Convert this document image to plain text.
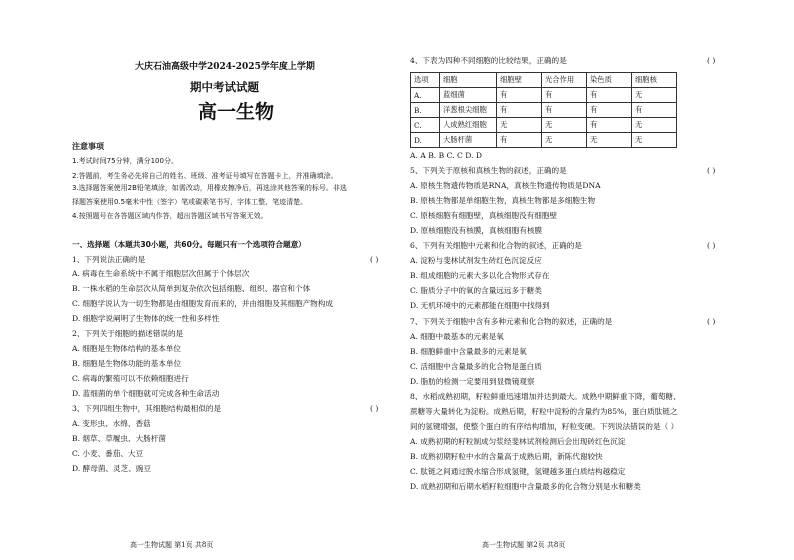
大庆石油高级中学2024-2025学年度上学期
期中考试试题
高一生物
注意事项
1.考试时间75分钟，满分100分。
2.答题前，考生务必先将自己的姓名、班级、准考证号填写在答题卡上，并准确填涂。
3.选择题答案使用2B铅笔填涂，如需改动，用橡皮擦净后，再选涂其他答案的标号。非选
择题答案使用0.5毫米中性（签字）笔或碳素笔书写，字体工整，笔迹清楚。
4.按照题号在各答题区域内作答，超出答题区域书写答案无效。
一、选择题（本题共30小题，共60分。每题只有一个选项符合题意）
1、下列说法正确的是	( )
A. 病毒在生命系统中不属于细胞层次但属于个体层次
B. 一株水稻的生命层次从简单到复杂依次包括细胞、组织、器官和个体
C. 细胞学说认为一切生物都是由细胞发育而来的，并由细胞及其细胞产物构成
D. 细胞学说阐明了生物体的统一性和多样性
2、下列关于细胞的描述错误的是
A. 细胞是生物体结构的基本单位
B. 细胞是生物体功能的基本单位
C. 病毒的繁殖可以不依赖细胞进行
D. 蓝细菌的单个细胞就可完成各种生命活动
3、下列四组生物中，其细胞结构最相似的是	( )
A. 变形虫、水绵、香菇
B. 烟草、草履虫、大肠杆菌
C. 小麦、番茄、大豆
D. 酵母菌、灵芝、豌豆
高一生物试题 第1页 共8页
4、下表为四种不同细胞的比较结果，正确的是	( )
选项	细胞	细胞壁	光合作用	染色质	细胞核
A.	蓝细菌	有	有	有	无
B.	洋葱根尖细胞	有	有	有	有
C.	人成熟红细胞	无	无	有	无
D.	大肠杆菌	有	无	无	无
A. A B. B C. C D. D
5、下列关于原核和真核生物的叙述，正确的是	( )
A. 原核生物遗传物质是RNA，真核生物遗传物质是DNA
B. 原核生物都是单细胞生物，真核生物都是多细胞生物
C. 原核细胞有细胞壁，真核细胞没有细胞壁
D. 原核细胞没有核膜，真核细胞有核膜
6、下列有关细胞中元素和化合物的叙述，正确的是	( )
A. 淀粉与斐林试剂发生砖红色沉淀反应
B. 组成细胞的元素大多以化合物形式存在
C. 脂质分子中的氧的含量远远多于糖类
D. 无机环境中的元素都能在细胞中找得到
7、下列关于细胞中含有多种元素和化合物的叙述，正确的是	( )
A. 细胞中最基本的元素是氧
B. 细胞鲜重中含量最多的元素是氧
C. 活细胞中含量最多的化合物是蛋白质
D. 脂肪的检测一定要用到显微镜观察
8、水稻成熟初期，籽粒鲜重迅速增加并达到最大。成熟中期鲜重下降，葡萄糖、
蔗糖等大量转化为淀粉。成熟后期，籽粒中淀粉的含量约为85%，蛋白质肽链之
间的氢键增强，使整个蛋白的有序结构增加，籽粒变硬。下列说法错误的是（ ）
A. 成熟初期的籽粒制成匀浆经斐林试剂检测后会出现砖红色沉淀
B. 成熟初期籽粒中水的含量高于成熟后期，新陈代谢较快
C. 肽链之间通过脱水缩合形成氢键，氢键越多蛋白质结构越稳定
D. 成熟初期和后期水稻籽粒细胞中含量最多的化合物分别是水和糖类
高一生物试题 第2页 共8页
